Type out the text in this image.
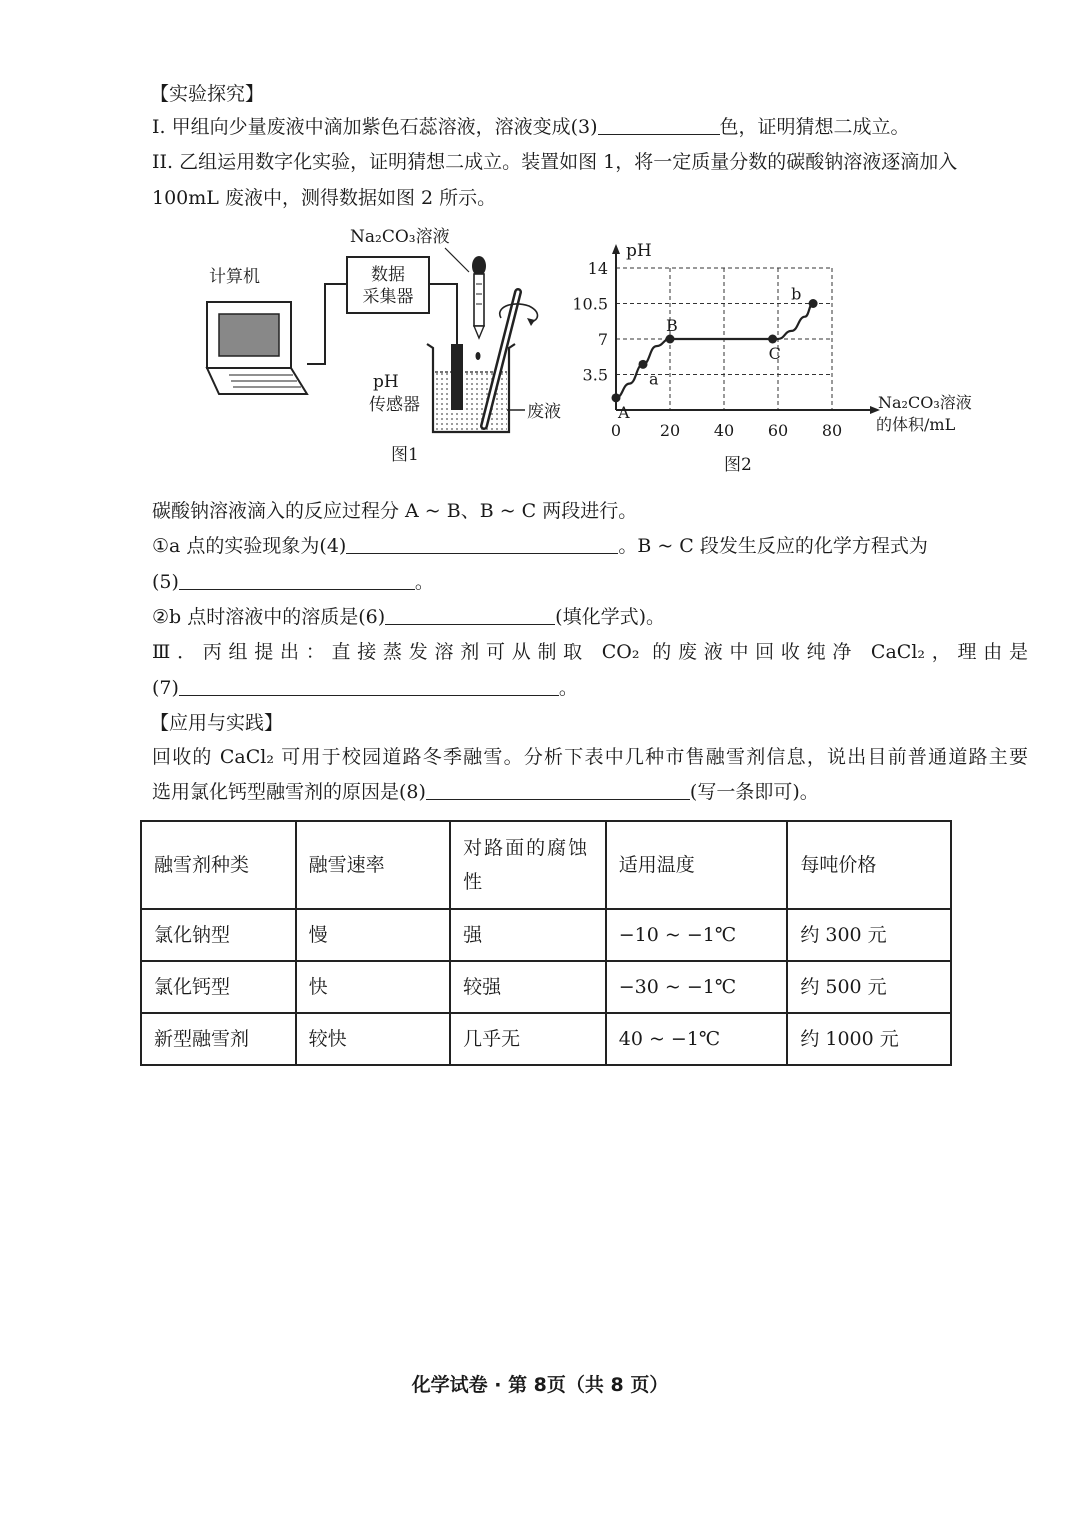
【实验探究】
I. 甲组向少量废液中滴加紫色石蕊溶液，溶液变成(3)	色，证明猜想二成立。
II. 乙组运用数字化实验，证明猜想二成立。装置如图 1，将一定质量分数的碳酸钠溶液逐滴加入
100mL 废液中，测得数据如图 2 所示。
计算机	数据
采集器
Na₂CO₃溶液
pH
传感器	废液
图1
0 20 40 60 80
3.5
7
10.5
14
A
a
B
C
b
pH
Na₂CO₃溶液
的体积/mL
图2
碳酸钠溶液滴入的反应过程分 A ~ B、B ~ C 两段进行。
①a 点的实验现象为(4)	。B ~ C 段发生反应的化学方程式为
(5)	。
②b 点时溶液中的溶质是(6)	(填化学式)。
Ⅲ．丙组提出：直接蒸发溶剂可从制取 CO₂ 的废液中回收纯净 CaCl₂，理由是
(7)	。
【应用与实践】
回收的 CaCl₂ 可用于校园道路冬季融雪。分析下表中几种市售融雪剂信息，说出目前普通道路主要
选用氯化钙型融雪剂的原因是(8)	(写一条即可)。
融雪剂种类	融雪速率	对路面的腐蚀性	适用温度	每吨价格
氯化钠型	慢	强	−10 ~ −1℃	约 300 元
氯化钙型	快	较强	−30 ~ −1℃	约 500 元
新型融雪剂	较快	几乎无	40 ~ −1℃	约 1000 元
化学试卷 · 第 8页（共 8 页）
